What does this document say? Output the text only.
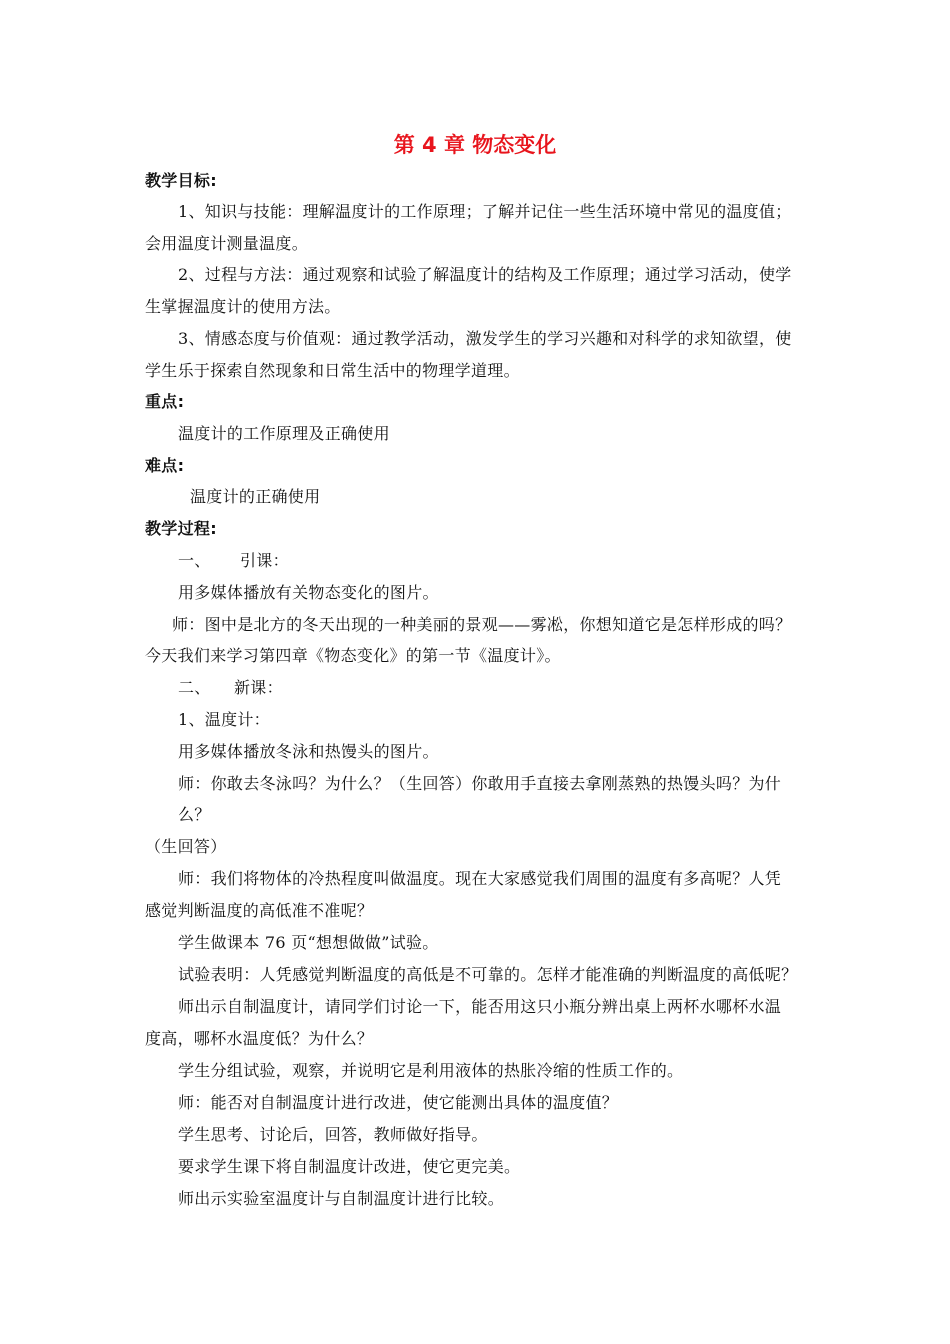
第 4 章 物态变化
教学目标:
1、知识与技能：理解温度计的工作原理；了解并记住一些生活环境中常见的温度值；
会用温度计测量温度。
2、过程与方法：通过观察和试验了解温度计的结构及工作原理；通过学习活动，使学
生掌握温度计的使用方法。
3、情感态度与价值观：通过教学活动，激发学生的学习兴趣和对科学的求知欲望，使
学生乐于探索自然现象和日常生活中的物理学道理。
重点:
温度计的工作原理及正确使用
难点:
温度计的正确使用
教学过程:
一、 引课：
用多媒体播放有关物态变化的图片。
师：图中是北方的冬天出现的一种美丽的景观——雾凇，你想知道它是怎样形成的吗？
今天我们来学习第四章《物态变化》的第一节《温度计》。
二、 新课：
1、温度计：
用多媒体播放冬泳和热馒头的图片。
师：你敢去冬泳吗？为什么？（生回答）你敢用手直接去拿刚蒸熟的热馒头吗？为什
么？
（生回答）
师：我们将物体的冷热程度叫做温度。现在大家感觉我们周围的温度有多高呢？人凭
感觉判断温度的高低准不准呢？
学生做课本 76 页“想想做做”试验。
试验表明：人凭感觉判断温度的高低是不可靠的。怎样才能准确的判断温度的高低呢？
师出示自制温度计，请同学们讨论一下，能否用这只小瓶分辨出桌上两杯水哪杯水温
度高，哪杯水温度低？为什么？
学生分组试验，观察，并说明它是利用液体的热胀冷缩的性质工作的。
师：能否对自制温度计进行改进，使它能测出具体的温度值？
学生思考、讨论后，回答，教师做好指导。
要求学生课下将自制温度计改进，使它更完美。
师出示实验室温度计与自制温度计进行比较。
